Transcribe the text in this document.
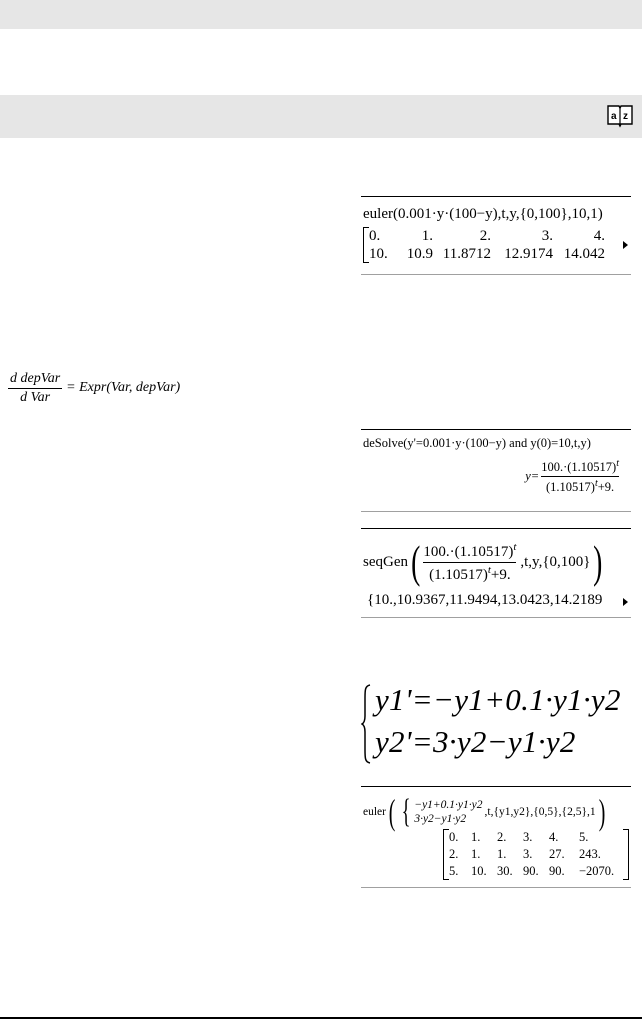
a z
$\frac{\text{d depVar}}{\text{d Var}}$ = Expr(Var, depVar)
euler(0.001·y·(100−y),t,y,{0,100},10,1)
0.	1.	2.	3.	4.
10.	10.9 11.8712 12.9174 14.042
deSolve(y'=0.001·y·(100−y) and y(0)=10,t,y)
$y= \frac{100.\cdot(1.10517)^t}{(1.10517)^t+9.}$
seqGen ( $\frac{100.\cdot(1.10517)^t}{(1.10517)^t+9.} ,t,y,\{0,100\}$ )
{10.,10.9367,11.9494,13.0423,14.2189
y1'=−y1+0.1·y1·y2
y2'=3·y2−y1·y2
euler ( { −y1+0.1·y1·y2
3·y2−y1·y2
,t,{y1,y2},{0,5},{2,5},1 )
0.	1.	2.	3.	4.	5.
2.	1.	1.	3.	27.	243.
5.	10. 30. 90. 90.	−2070.
